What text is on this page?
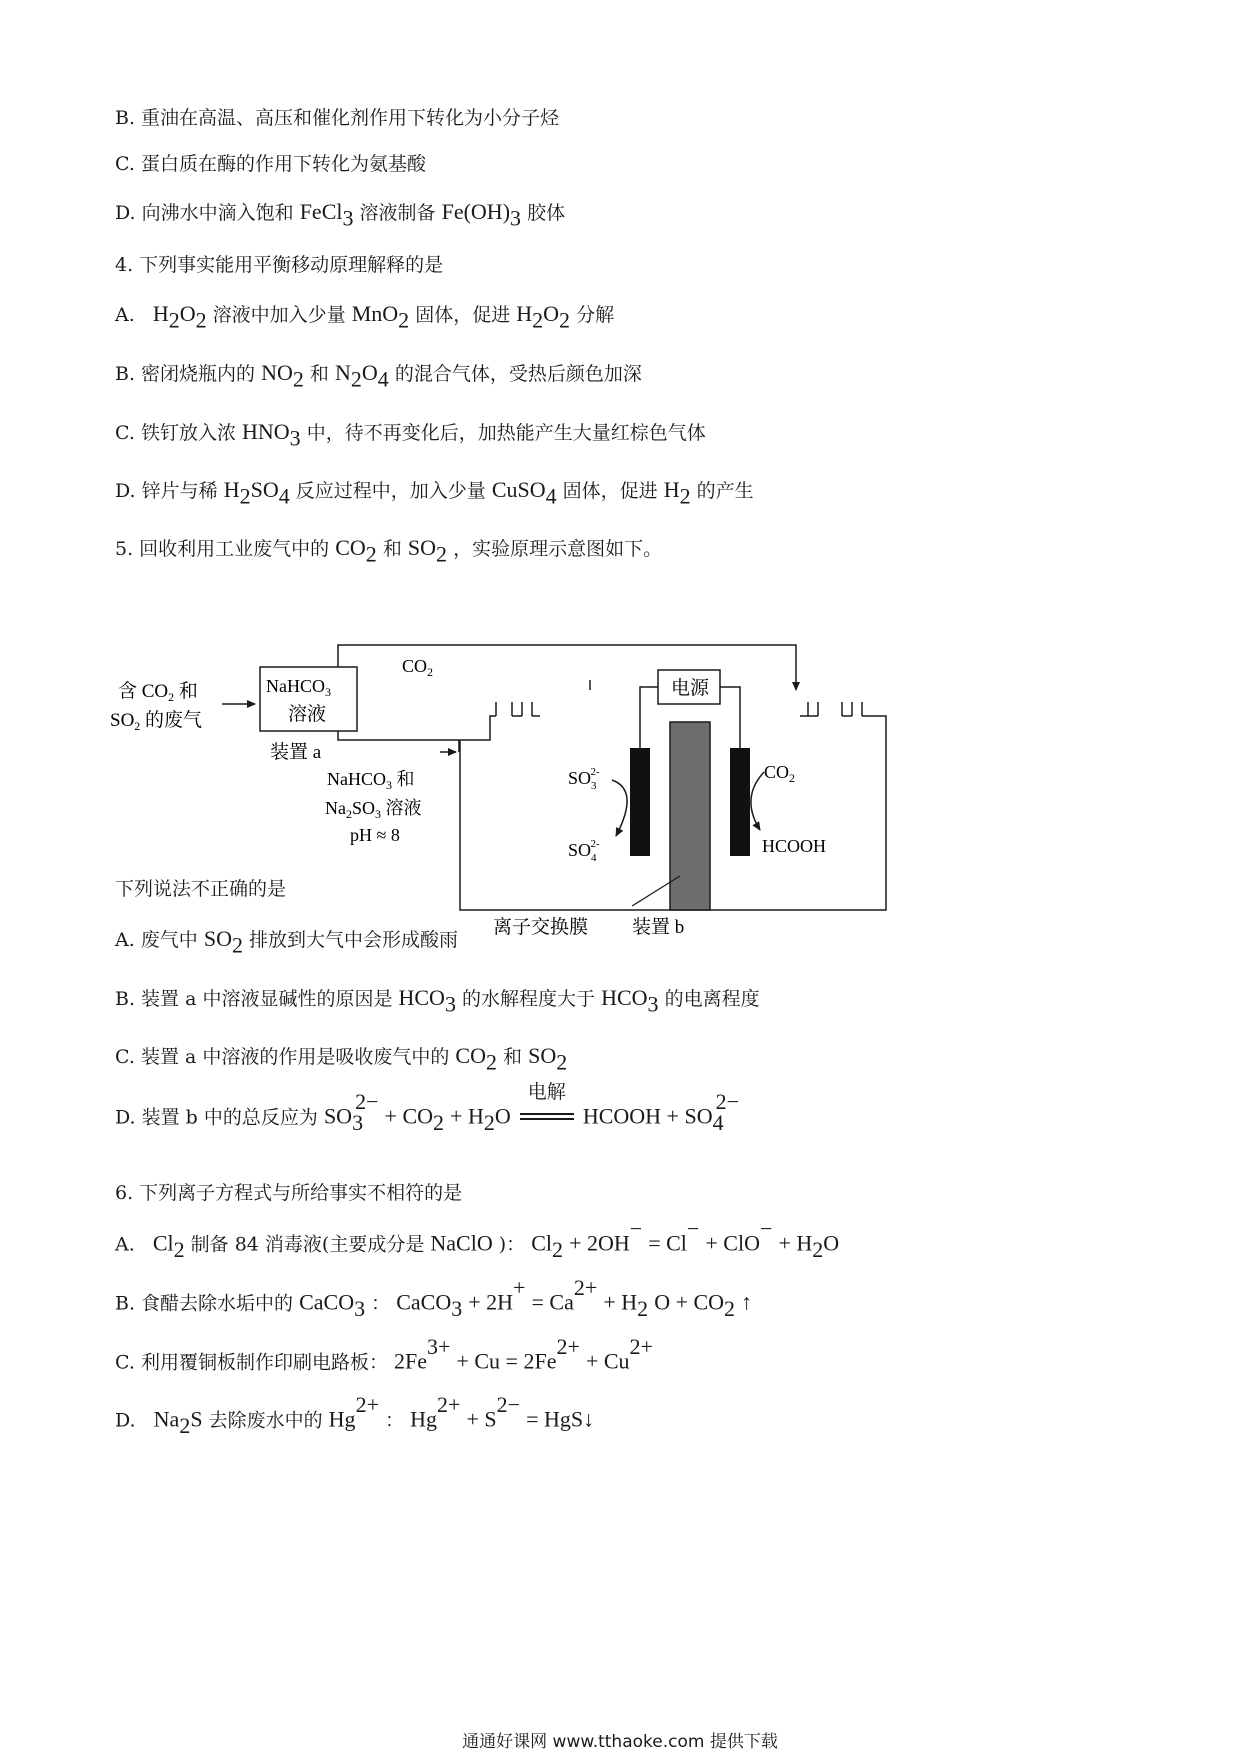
B. 重油在高温、高压和催化剂作用下转化为小分子烃
C. 蛋白质在酶的作用下转化为氨基酸
D. 向沸水中滴入饱和 FeCl$_3$ 溶液制备 $Fe(OH)_3$ 胶体
4. 下列事实能用平衡移动原理解释的是
A. $H_2O_2$ 溶液中加入少量 MnO$_2$ 固体，促进 $H_2O_2$ 分解
B. 密闭烧瓶内的 $NO_2$ 和 $N_2O_4$ 的混合气体，受热后颜色加深
C. 铁钉放入浓 $HNO_3$ 中，待不再变化后，加热能产生大量红棕色气体
D. 锌片与稀 $H_2SO_4$ 反应过程中，加入少量 CuSO$_4$ 固体，促进 $H_2$ 的产生
5. 回收利用工业废气中的 $CO_2$ 和 $SO_2$ ，实验原理示意图如下。
含 $CO_2$ 和
$SO_2$ 的废气
NaHCO$_3$
溶液
装置 a
$CO_2$
NaHCO$_3$ 和
$Na_2SO_3$ 溶液
pH ≈ 8
电源
$SO_32-$
$SO_42-$
$CO_2$
HCOOH
离子交换膜 装置 b
下列说法不正确的是
A. 废气中 $SO_2$ 排放到大气中会形成酸雨
B. 装置 a 中溶液显碱性的原因是 $HCO_3$ 的水解程度大于 $HCO_3$ 的电离程度
C. 装置 a 中溶液的作用是吸收废气中的 $CO_2$ 和 $SO_2$
D. 装置 b 中的总反应为 $SO_3^{2-} + CO_2 + H_2O$
电解
HCOOH + $SO_4^{2-}$
6. 下列离子方程式与所给事实不相符的是
A. $Cl_2$ 制备 84 消毒液(主要成分是 NaClO )： $Cl_2 + 2OH^- = Cl^- + ClO^- + H_2O$
B. 食醋去除水垢中的 CaCO$_3$ ： CaCO$_3$ + $2H^+ = Ca^{2+} + H_2$ $O + CO_2$ ↑
C. 利用覆铜板制作印刷电路板： $2Fe^{3+} + Cu = 2Fe^{2+} + Cu^{2+}$
D. $Na_2S$ 去除废水中的 $Hg^{2+}$ ： $Hg^{2+} + S^{2-}$ = HgS↓
通通好课网 www.tthaoke.com 提供下载
